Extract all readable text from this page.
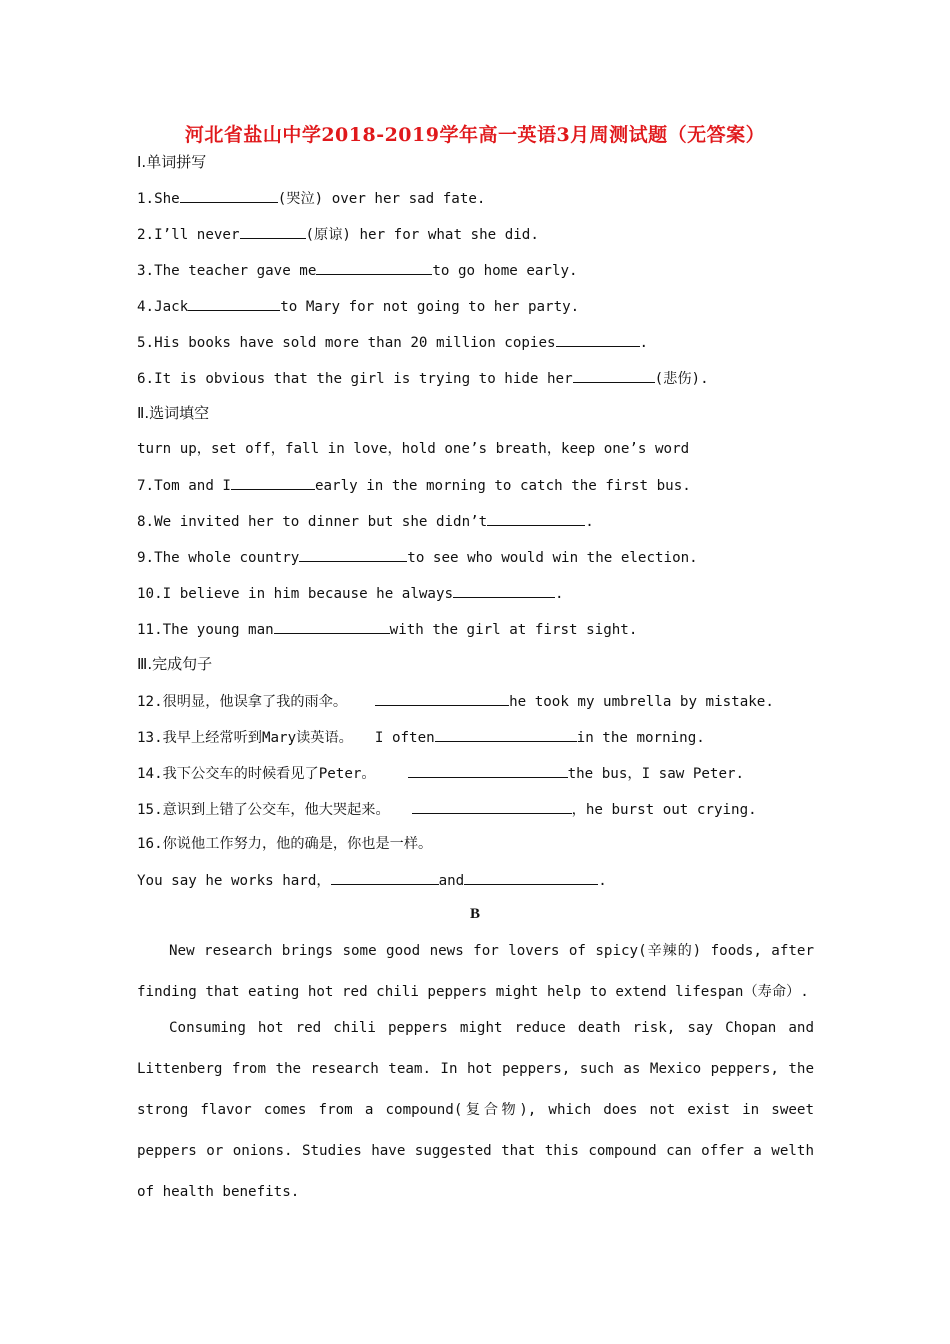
河北省盐山中学2018-2019学年高一英语3月周测试题（无答案）
Ⅰ.单词拼写
1.She	(哭泣) over her sad fate.
2.I’ll never	(原谅) her for what she did.
3.The teacher gave me	to go home early.
4.Jack	to Mary for not going to her party.
5.His books have sold more than 20 million copies	.
6.It is obvious that the girl is trying to hide her	(悲伤).
Ⅱ.选词填空
turn up，set off，fall in love，hold one’s breath，keep one’s word
7.Tom and I	early in the morning to catch the first bus.
8.We invited her to dinner but she didn’t	.
9.The whole country	to see who would win the election.
10.I believe in him because he always	.
11.The young man	with the girl at first sight.
Ⅲ.完成句子
12.很明显，他误拿了我的雨伞。	he took my umbrella by mistake.
13.我早上经常听到Mary读英语。 I often	in the morning.
14.我下公交车的时候看见了Peter。	the bus，I saw Peter.
15.意识到上错了公交车，他大哭起来。	，he burst out crying.
16.你说他工作努力，他的确是，你也是一样。
You say he works hard，	and	.
B
New research brings some good news for lovers of spicy(辛辣的) foods, after finding that eating hot red chili peppers might help to extend lifespan（寿命）.
Consuming hot red chili peppers might reduce death risk, say Chopan and Littenberg from the research team. In hot peppers, such as Mexico peppers, the strong flavor comes from a compound(复合物), which does not exist in sweet peppers or onions. Studies have suggested that this compound can offer a welth of health benefits.
